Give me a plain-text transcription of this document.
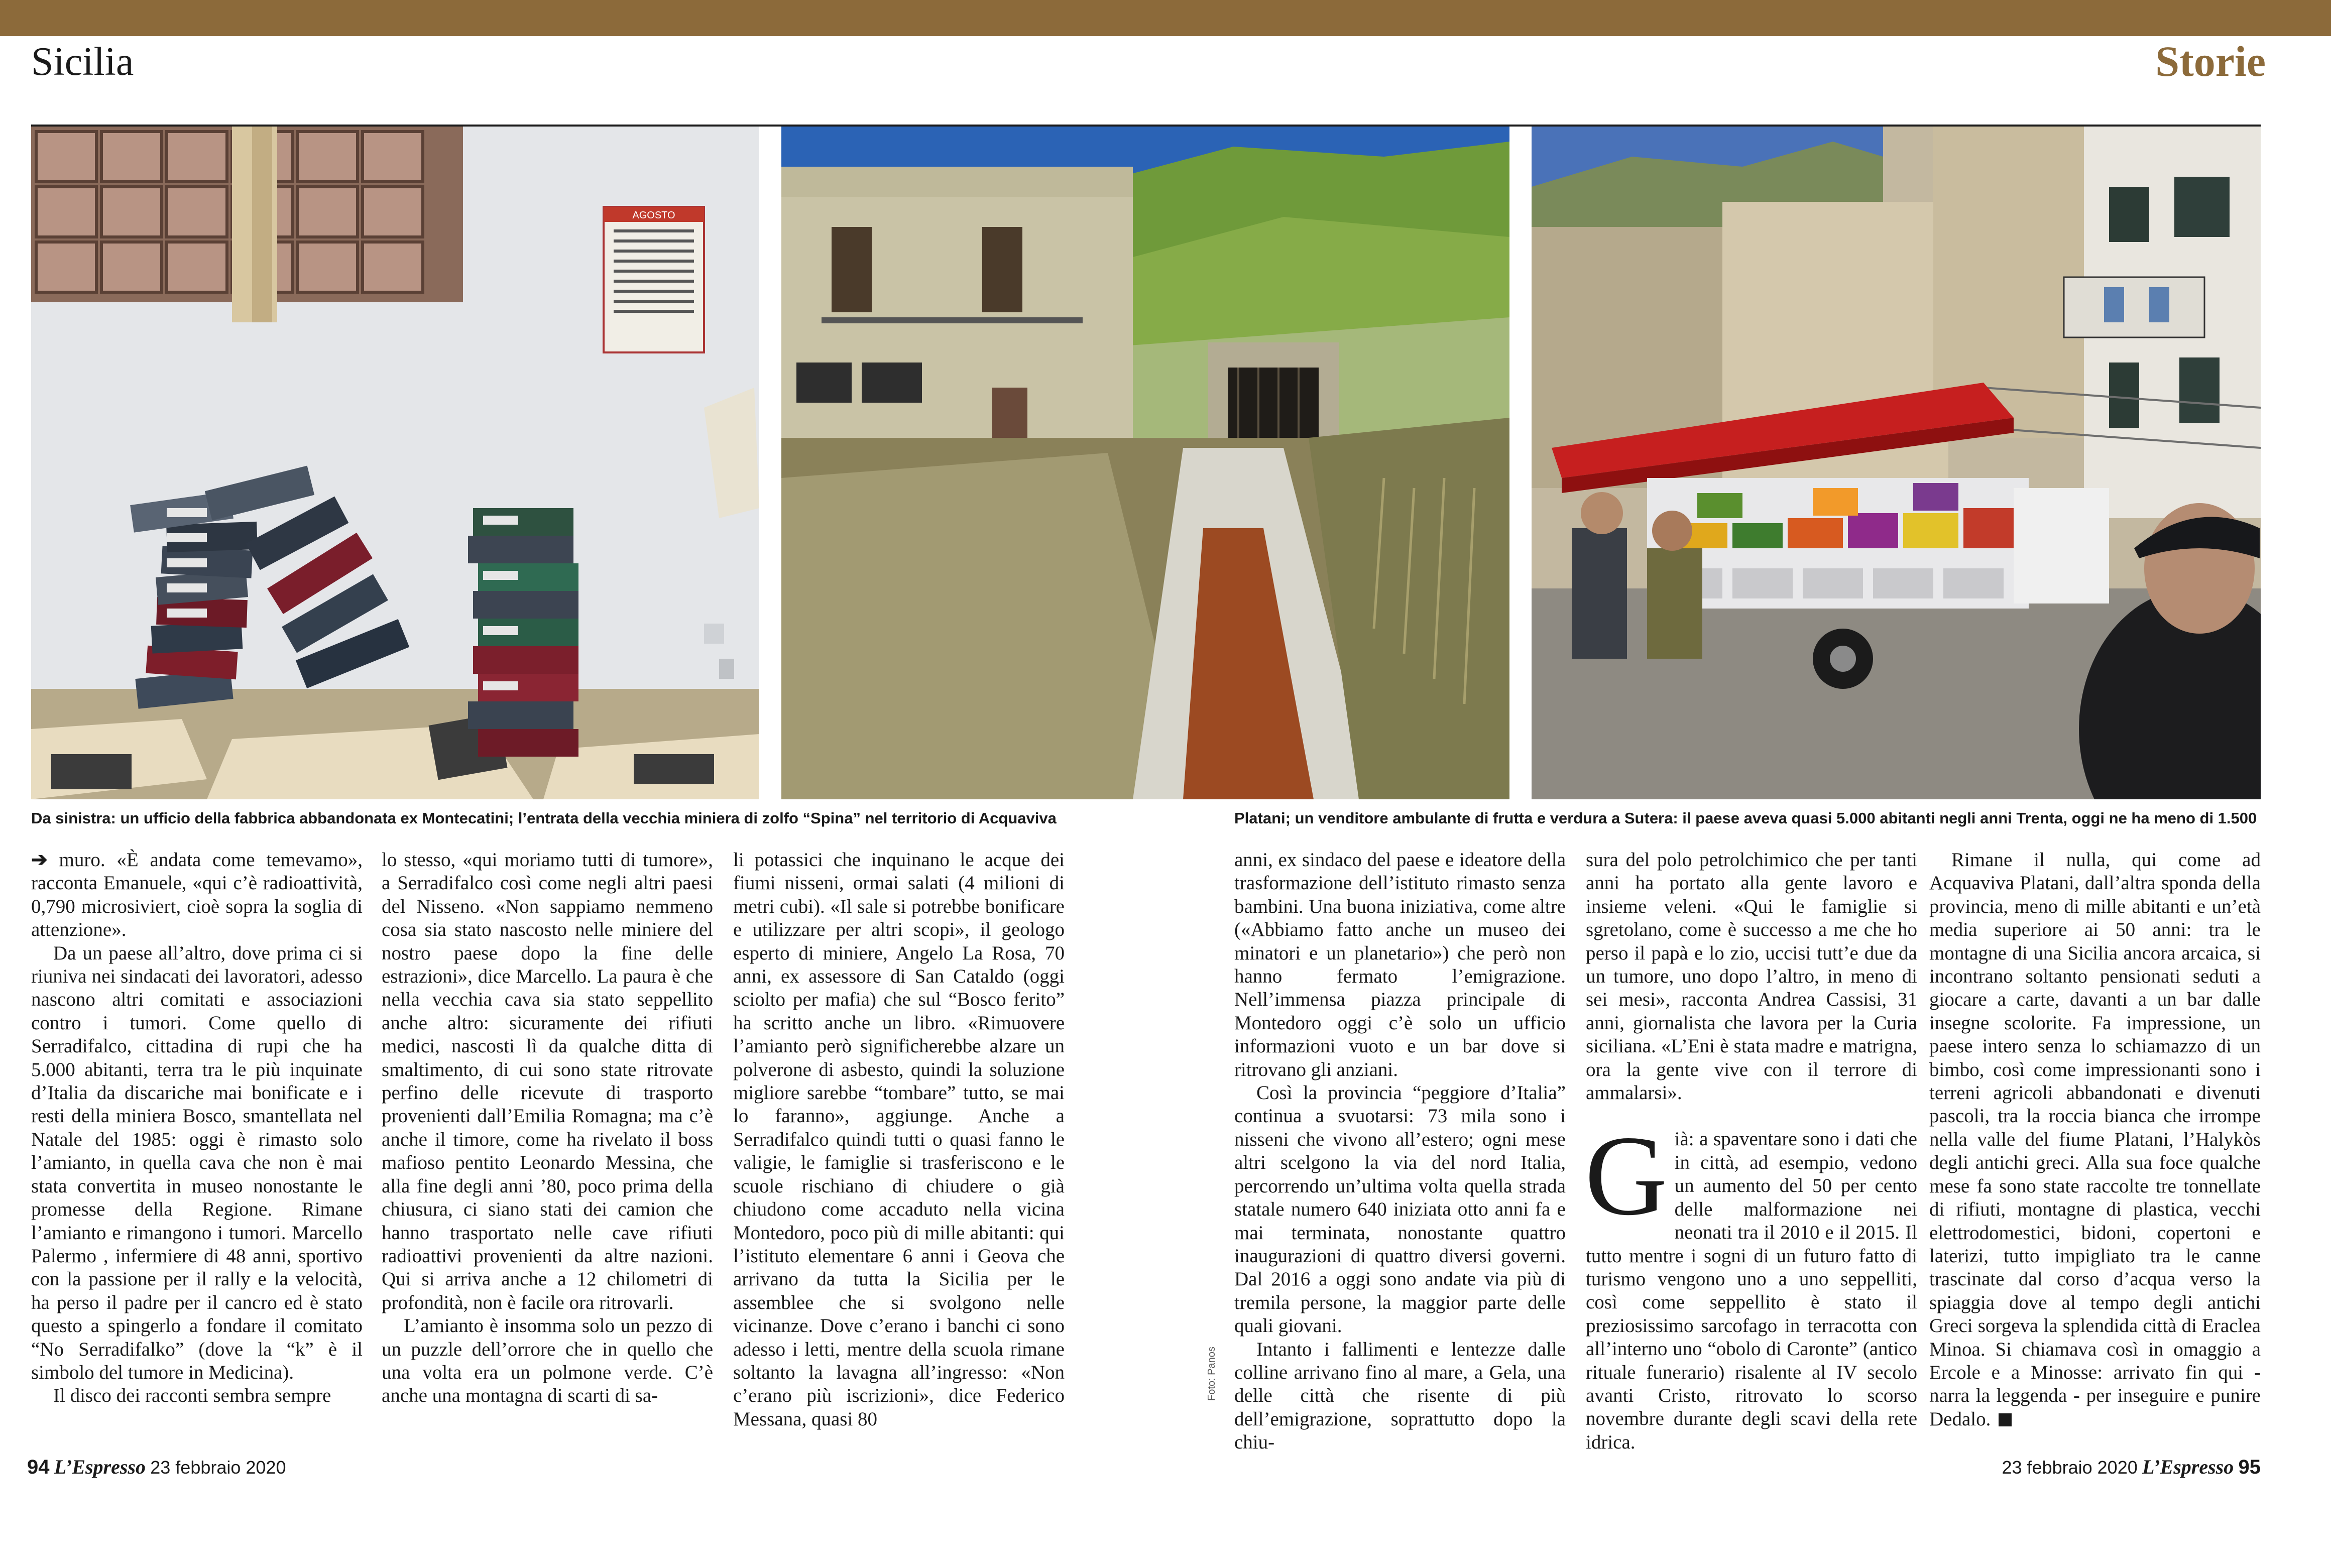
Sicilia	Storie
AGOSTO
Da sinistra: un ufficio della fabbrica abbandonata ex Montecatini; l’entrata della vecchia miniera di zolfo “Spina” nel territorio di Acquaviva	Platani; un venditore ambulante di frutta e verdura a Sutera: il paese aveva quasi 5.000 abitanti negli anni Trenta, oggi ne ha meno di 1.500

➔ muro. «È andata come temevamo», racconta Emanuele, «qui c’è radioattività, 0,790 microsiviert, cioè sopra la soglia di attenzione».

Da un paese all’altro, dove prima ci si riuniva nei sindacati dei lavoratori, adesso nascono altri comitati e associazioni contro i tumori. Come quello di Serradifalco, cittadina di rupi che ha 5.000 abitanti, terra tra le più inquinate d’Italia da discariche mai bonificate e i resti della miniera Bosco, smantellata nel Natale del 1985: oggi è rimasto solo l’amianto, in quella cava che non è mai stata convertita in museo nonostante le promesse della Regione. Rimane l’amianto e rimangono i tumori. Marcello Palermo , infermiere di 48 anni, sportivo con la passione per il rally e la velocità, ha perso il padre per il cancro ed è stato questo a spingerlo a fondare il comitato “No Serradifalko” (dove la “k” è il simbolo del tumore in Medicina).

Il disco dei racconti sembra sempre

lo stesso, «qui moriamo tutti di tumore», a Serradifalco così come negli altri paesi del Nisseno. «Non sappiamo nemmeno cosa sia stato nascosto nelle miniere del nostro paese dopo la fine delle estrazioni», dice Marcello. La paura è che nella vecchia cava sia stato seppellito anche altro: sicuramente dei rifiuti medici, nascosti lì da qualche ditta di smaltimento, di cui sono state ritrovate perfino delle ricevute di trasporto provenienti dall’Emilia Romagna; ma c’è anche il timore, come ha rivelato il boss mafioso pentito Leonardo Messina, che alla fine degli anni ’80, poco prima della chiusura, ci siano stati dei camion che hanno trasportato nelle cave rifiuti radioattivi provenienti da altre nazioni. Qui si arriva anche a 12 chilometri di profondità, non è facile ora ritrovarli.

L’amianto è insomma solo un pezzo di un puzzle dell’orrore che in quello che una volta era un polmone verde. C’è anche una montagna di scarti di sa-

li potassici che inquinano le acque dei fiumi nisseni, ormai salati (4 milioni di metri cubi). «Il sale si potrebbe bonificare e utilizzare per altri scopi», il geologo esperto di miniere, Angelo La Rosa, 70 anni, ex assessore di San Cataldo (oggi sciolto per mafia) che sul “Bosco ferito” ha scritto anche un libro. «Rimuovere l’amianto però significherebbe alzare un polverone di asbesto, quindi la soluzione migliore sarebbe “tombare” tutto, se mai lo faranno», aggiunge. Anche a Serradifalco quindi tutti o quasi fanno le valigie, le famiglie si trasferiscono e le scuole rischiano di chiudere o già chiudono come accaduto nella vicina Montedoro, poco più di mille abitanti: qui l’istituto elementare 6 anni i Geova che arrivano da tutta la Sicilia per le assemblee che si svolgono nelle vicinanze. Dove c’erano i banchi ci sono adesso i letti, mentre della scuola rimane soltanto la lavagna all’ingresso: «Non c’erano più iscrizioni», dice Federico Messana, quasi 80

anni, ex sindaco del paese e ideatore della trasformazione dell’istituto rimasto senza bambini. Una buona iniziativa, come altre («Abbiamo fatto anche un museo dei minatori e un planetario») che però non hanno fermato l’emigrazione. Nell’immensa piazza principale di Montedoro oggi c’è solo un ufficio informazioni vuoto e un bar dove si ritrovano gli anziani.

Così la provincia “peggiore d’Italia” continua a svuotarsi: 73 mila sono i nisseni che vivono all’estero; ogni mese altri scelgono la via del nord Italia, percorrendo un’ultima volta quella strada statale numero 640 iniziata otto anni fa e mai terminata, nonostante quattro inaugurazioni di quattro diversi governi. Dal 2016 a oggi sono andate via più di tremila persone, la maggior parte delle quali giovani.

Intanto i fallimenti e lentezze dalle colline arrivano fino al mare, a Gela, una delle città che risente di più dell’emigrazione, soprattutto dopo la chiu-

sura del polo petrolchimico che per tanti anni ha portato alla gente lavoro e insieme veleni. «Qui le famiglie si sgretolano, come è successo a me che ho perso il papà e lo zio, uccisi tutt’e due da un tumore, uno dopo l’altro, in meno di sei mesi», racconta Andrea Cassisi, 31 anni, giornalista che lavora per la Curia siciliana. «L’Eni è stata madre e matrigna, ora la gente vive con il terrore di ammalarsi».

Già: a spaventare sono i dati che in città, ad esempio, vedono un aumento del 50 per cento delle malformazione nei neonati tra il 2010 e il 2015. Il tutto mentre i sogni di un futuro fatto di turismo vengono uno a uno seppelliti, così come seppellito è stato il preziosissimo sarcofago in terracotta con all’interno uno “obolo di Caronte” (antico rituale funerario) risalente al IV secolo avanti Cristo, ritrovato lo scorso novembre durante degli scavi della rete idrica.

Rimane il nulla, qui come ad Acquaviva Platani, dall’altra sponda della provincia, meno di mille abitanti e un’età media superiore ai 50 anni: tra le montagne di una Sicilia ancora arcaica, si incontrano soltanto pensionati seduti a giocare a carte, davanti a un bar dalle insegne scolorite. Fa impressione, un paese intero senza lo schiamazzo di un bimbo, così come impressionanti sono i terreni agricoli abbandonati e divenuti pascoli, tra la roccia bianca che irrompe nella valle del fiume Platani, l’Halykòs degli antichi greci. Alla sua foce qualche mese fa sono state raccolte tre tonnellate di rifiuti, montagne di plastica, vecchi elettrodomestici, bidoni, copertoni e laterizi, tutto impigliato tra le canne trascinate dal corso d’acqua verso la spiaggia dove al tempo degli antichi Greci sorgeva la splendida città di Eraclea Minoa. Si chiamava così in omaggio a Ercole e a Minosse: arrivato fin qui - narra la leggenda - per inseguire e punire Dedalo.

Foto: Panos
94 L’Espresso 23 febbraio 2020	23 febbraio 2020 L’Espresso 95
